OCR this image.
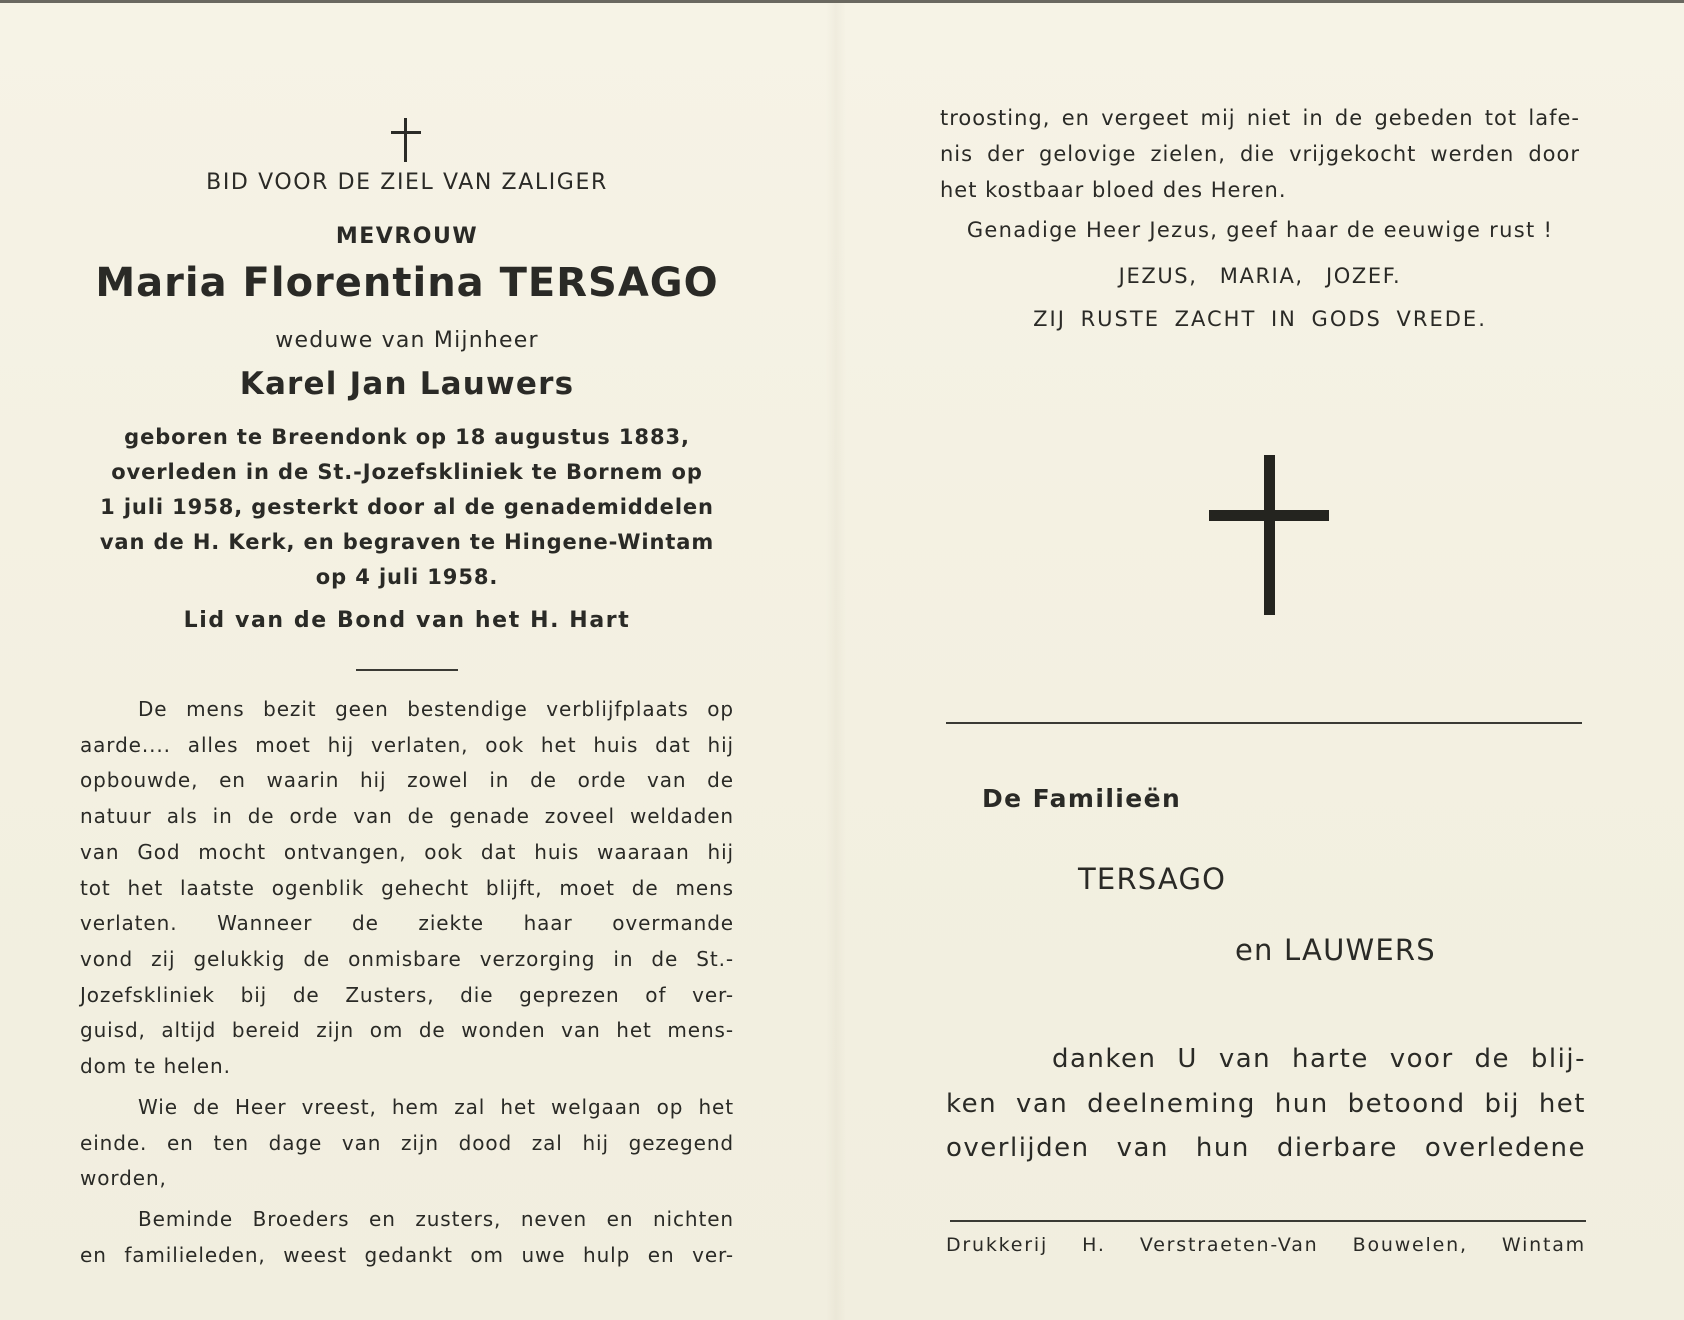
BID VOOR DE ZIEL VAN ZALIGER
MEVROUW
Maria Florentina TERSAGO
weduwe van Mijnheer
Karel Jan Lauwers
geboren te Breendonk op 18 augustus 1883,
overleden in de St.-Jozefskliniek te Bornem op
1 juli 1958, gesterkt door al de genademiddelen
van de H. Kerk, en begraven te Hingene-Wintam
op 4 juli 1958.
Lid van de Bond van het H. Hart
De mens bezit geen bestendige verblijfplaats op
aarde.... alles moet hij verlaten, ook het huis dat hij
opbouwde, en waarin hij zowel in de orde van de
natuur als in de orde van de genade zoveel weldaden
van God mocht ontvangen, ook dat huis waaraan hij
tot het laatste ogenblik gehecht blijft, moet de mens
verlaten. Wanneer de ziekte haar overmande
vond zij gelukkig de onmisbare verzorging in de St.-
Jozefskliniek bij de Zusters, die geprezen of ver-
guisd, altijd bereid zijn om de wonden van het mens-
dom te helen.
Wie de Heer vreest, hem zal het welgaan op het
einde. en ten dage van zijn dood zal hij gezegend
worden,
Beminde Broeders en zusters, neven en nichten
en familieleden, weest gedankt om uwe hulp en ver-
troosting, en vergeet mij niet in de gebeden tot lafe-
nis der gelovige zielen, die vrijgekocht werden door
het kostbaar bloed des Heren.
Genadige Heer Jezus, geef haar de eeuwige rust !
JEZUS, MARIA, JOZEF.
ZIJ RUSTE ZACHT IN GODS VREDE.
De Familieën
TERSAGO
en LAUWERS
danken U van harte voor de blij-
ken van deelneming hun betoond bij het
overlijden van hun dierbare overledene
Drukkerij H. Verstraeten-Van Bouwelen, Wintam
